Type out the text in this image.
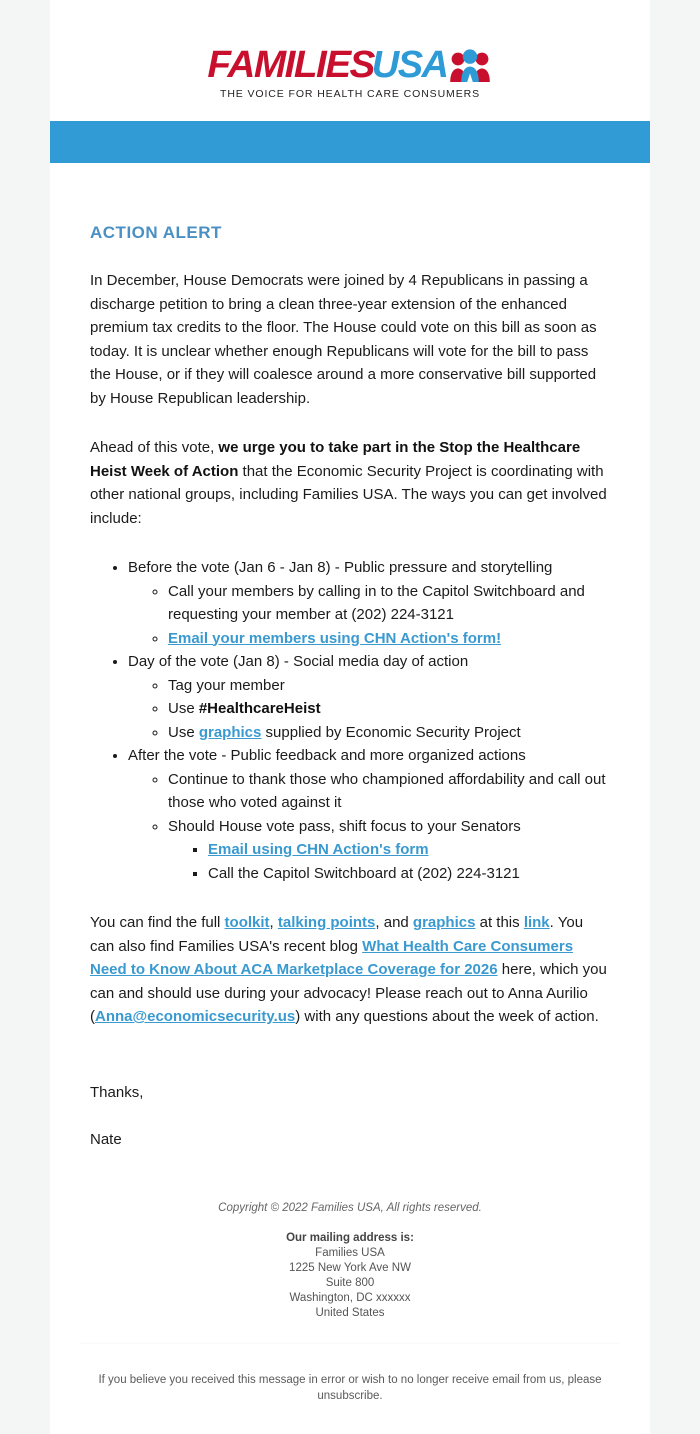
FAMILIES
USA
THE VOICE FOR HEALTH CARE CONSUMERS
ACTION ALERT

In December, House Democrats were joined by 4 Republicans in passing a discharge petition to bring a clean three-year extension of the enhanced premium tax credits to the floor. The House could vote on this bill as soon as today. It is unclear whether enough Republicans will vote for the bill to pass the House, or if they will coalesce around a more conservative bill supported by House Republican leadership.

Ahead of this vote, we urge you to take part in the Stop the Healthcare Heist Week of Action that the Economic Security Project is coordinating with other national groups, including Families USA. The ways you can get involved include:

• Before the vote (Jan 6 - Jan 8) - Public pressure and storytelling
◦ Call your members by calling in to the Capitol Switchboard and requesting your member at (202) 224-3121
◦ Email your members using CHN Action's form!
• Day of the vote (Jan 8) - Social media day of action
◦ Tag your member
◦ Use #HealthcareHeist
◦ Use graphics supplied by Economic Security Project
• After the vote - Public feedback and more organized actions
◦ Continue to thank those who championed affordability and call out those who voted against it
◦ Should House vote pass, shift focus to your Senators
▪ Email using CHN Action's form
▪ Call the Capitol Switchboard at (202) 224-3121

You can find the full toolkit, talking points, and graphics at this link. You can also find Families USA's recent blog What Health Care Consumers Need to Know About ACA Marketplace Coverage for 2026 here, which you can and should use during your advocacy! Please reach out to Anna Aurilio (Anna@economicsecurity.us) with any questions about the week of action.

Thanks,

Nate

Copyright © 2022 Families USA, All rights reserved.
Our mailing address is:
Families USA
1225 New York Ave NW
Suite 800
Washington, DC xxxxxx
United States
If you believe you received this message in error or wish to no longer receive email from us, please unsubscribe.
